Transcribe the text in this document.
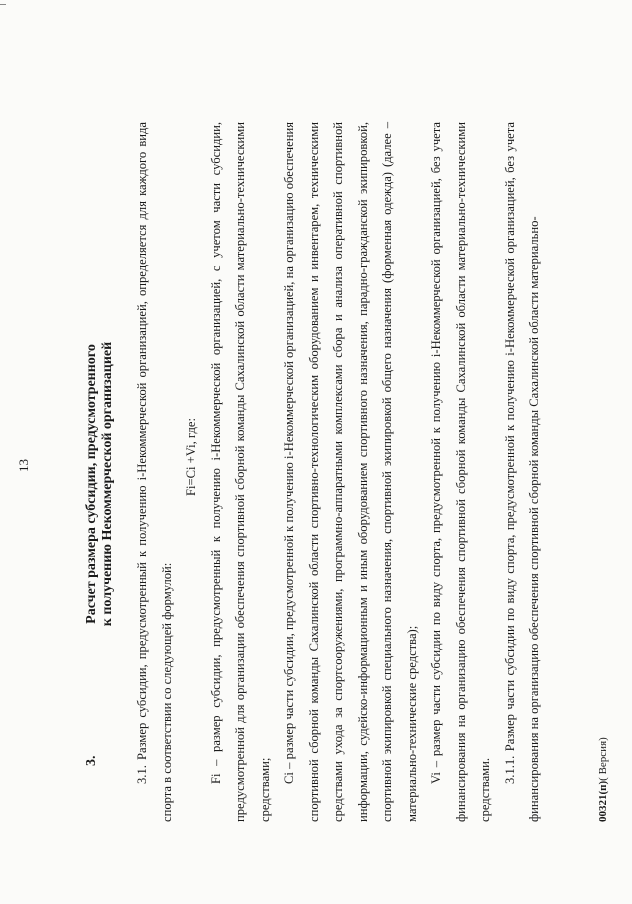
13
3.
Расчет размера субсидии, предусмотренного к получению Некоммерческой организацией	3.1. Размер субсидии, предусмотренный к получению i-Некоммерческой организацией, определяется для каждого вида спорта в соответствии со следующей формулой:

Fi=Ci +Vi, где: Fi – размер субсидии, предусмотренный к получению i-Некоммерческой организацией, с учетом части субсидии, предусмотренной для организации обеспечения спортивной сборной команды Сахалинской области материально-техническими средствами;

Ci – размер части субсидии, предусмотренной к получению i-Некоммерческой организацией, на организацию обеспечения спортивной сборной команды Сахалинской области спортивно-технологическим оборудованием и инвентарем, техническими средствами ухода за спортсооружениями, программно-аппаратными комплексами сбора и анализа оперативной спортивной информации, судейско-информационным и иным оборудованием спортивного назначения, парадно-гражданской экипировкой, спортивной экипировкой специального назначения, спортивной экипировкой общего назначения (форменная одежда) (далее – материально-технические средства); Vi – размер части субсидии по виду спорта, предусмотренной к получению i-Некоммерческой организацией, без учета финансирования на организацию обеспечения спортивной сборной команды Сахалинской области материально-техническими средствами.

3.1.1. Размер части субсидии по виду спорта, предусмотренной к получению i-Некоммерческой организацией, без учета финансирования на организацию обеспечения спортивной сборной команды Сахалинской области материально-	00321(п)( Версия)
